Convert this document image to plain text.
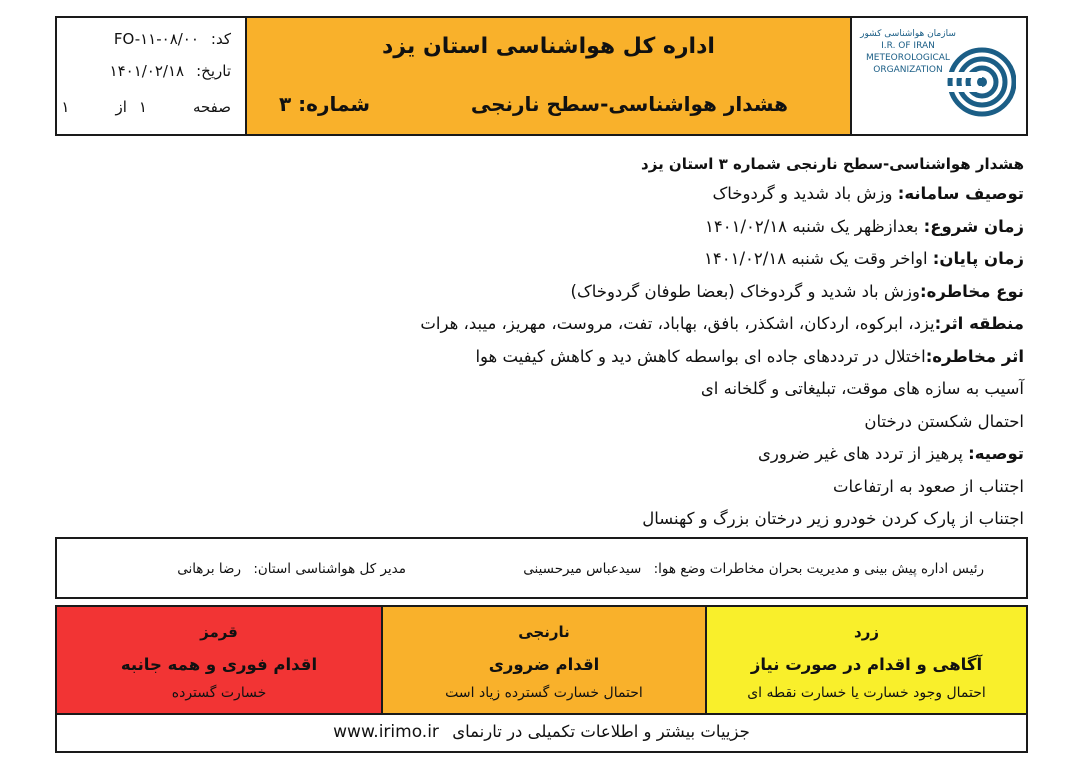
کد:
FO-۱۱-۰۸/۰۰
تاریخ:
۱۴۰۱/۰۲/۱۸
صفحه
۱
از
۱
اداره کل هواشناسی استان یزد
هشدار هواشناسی-سطح نارنجی
شماره: ۳
سازمان هواشناسی کشور
I.R. OF IRAN
METEOROLOGICAL
ORGANIZATION
هشدار هواشناسی-سطح نارنجی شماره ۳ استان یزد
توصیف سامانه: وزش باد شدید و گردوخاک
زمان شروع: بعدازظهر یک شنبه ۱۴۰۱/۰۲/۱۸
زمان پایان: اواخر وقت یک شنبه ۱۴۰۱/۰۲/۱۸
نوع مخاطره:وزش باد شدید و گردوخاک (بعضا طوفان گردوخاک)
منطقه اثر:یزد، ابرکوه، اردکان، اشکذر، بافق، بهاباد، تفت، مروست، مهریز، میبد، هرات
اثر مخاطره:اختلال در ترددهای جاده ای بواسطه کاهش دید و کاهش کیفیت هوا
آسیب به سازه های موقت، تبلیغاتی و گلخانه ای
احتمال شکستن درختان
توصیه: پرهیز از تردد های غیر ضروری
اجتناب از صعود به ارتفاعات
اجتناب از پارک کردن خودرو زیر درختان بزرگ و کهنسال
رئیس اداره پیش بینی و مدیریت بحران مخاطرات وضع هوا: سیدعباس میرحسینی
مدیر کل هواشناسی استان: رضا برهانی
قرمز
اقدام فوری و همه جانبه
خسارت گسترده
نارنجی
اقدام ضروری
احتمال خسارت گسترده زیاد است
زرد
آگاهی و اقدام در صورت نیاز
احتمال وجود خسارت یا خسارت نقطه ای
جزییات بیشتر و اطلاعات تکمیلی در تارنمای www.irimo.ir
